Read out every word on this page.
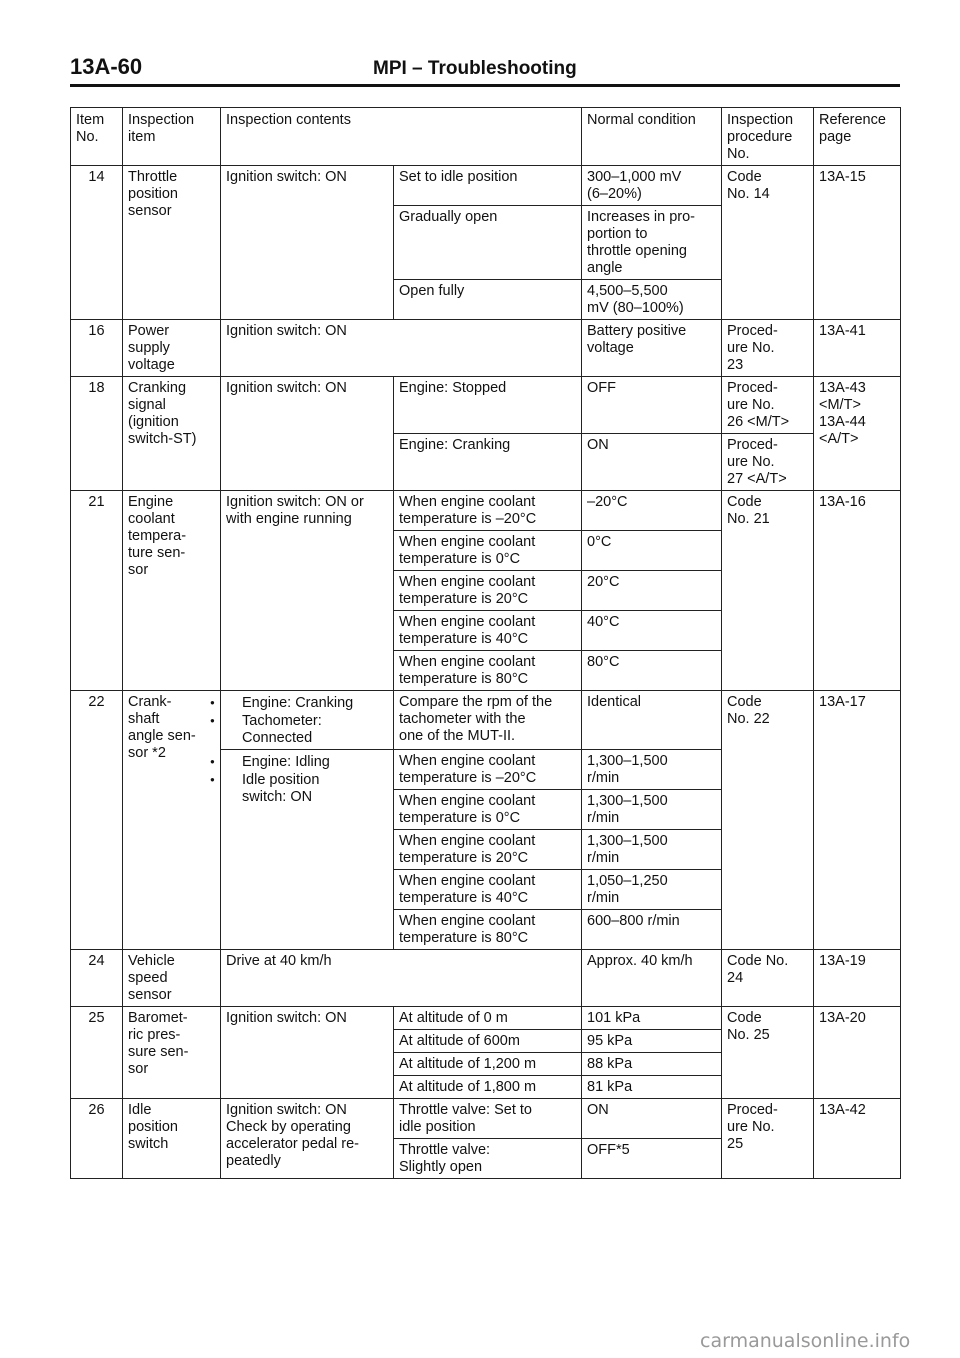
13A-60	MPI – Troubleshooting
Item
No.	Inspection
item	Inspection contents		Normal condition	Inspection
procedure
No.	Reference
page
14	Throttle
position
sensor	Ignition switch: ON	Set to idle position	300–1,000 mV
(6–20%)	Code
No. 14	13A-15
			Gradually open	Increases in pro-
portion to
throttle opening
angle		
			Open fully	4,500–5,500
mV (80–100%)		
16	Power
supply
voltage	Ignition switch: ON		Battery positive
voltage	Proced-
ure No.
23	13A-41
18	Cranking
signal
(ignition
switch-ST)	Ignition switch: ON	Engine: Stopped	OFF	Proced-
ure No.
26 <M/T>	13A-43
<M/T>
13A-44
<A/T>
			Engine: Cranking	ON	Proced-
ure No.
27 <A/T>	
21	Engine
coolant
tempera-
ture sen-
sor	Ignition switch: ON or
with engine running	When engine coolant
temperature is –20°C	–20°C	Code
No. 21	13A-16
			When engine coolant
temperature is 0°C	0°C		
			When engine coolant
temperature is 20°C	20°C		
			When engine coolant
temperature is 40°C	40°C		
			When engine coolant
temperature is 80°C	80°C		
22	Crank-
shaft
angle sen-
sor *2	● Engine: Cranking
● Tachometer:
Connected	Compare the rpm of the
tachometer with the
one of the MUT-II.	Identical	Code
No. 22	13A-17

		● Engine: Idling
● Idle position
switch: ON	When engine coolant
temperature is –20°C	1,300–1,500
r/min		
			When engine coolant
temperature is 0°C	1,300–1,500
r/min		
			When engine coolant
temperature is 20°C	1,300–1,500
r/min		
			When engine coolant
temperature is 40°C	1,050–1,250
r/min		
			When engine coolant
temperature is 80°C	600–800 r/min		
24	Vehicle
speed
sensor	Drive at 40 km/h		Approx. 40 km/h	Code No.
24	13A-19
25	Baromet-
ric pres-
sure sen-
sor	Ignition switch: ON	At altitude of 0 m	101 kPa	Code
No. 25	13A-20
			At altitude of 600m	95 kPa		
			At altitude of 1,200 m	88 kPa		
			At altitude of 1,800 m	81 kPa		
26	Idle
position
switch	Ignition switch: ON
Check by operating
accelerator pedal re-
peatedly	Throttle valve: Set to
idle position	ON	Proced-
ure No.
25	13A-42
			Throttle valve:
Slightly open	OFF*5		
carmanualsonline.info
